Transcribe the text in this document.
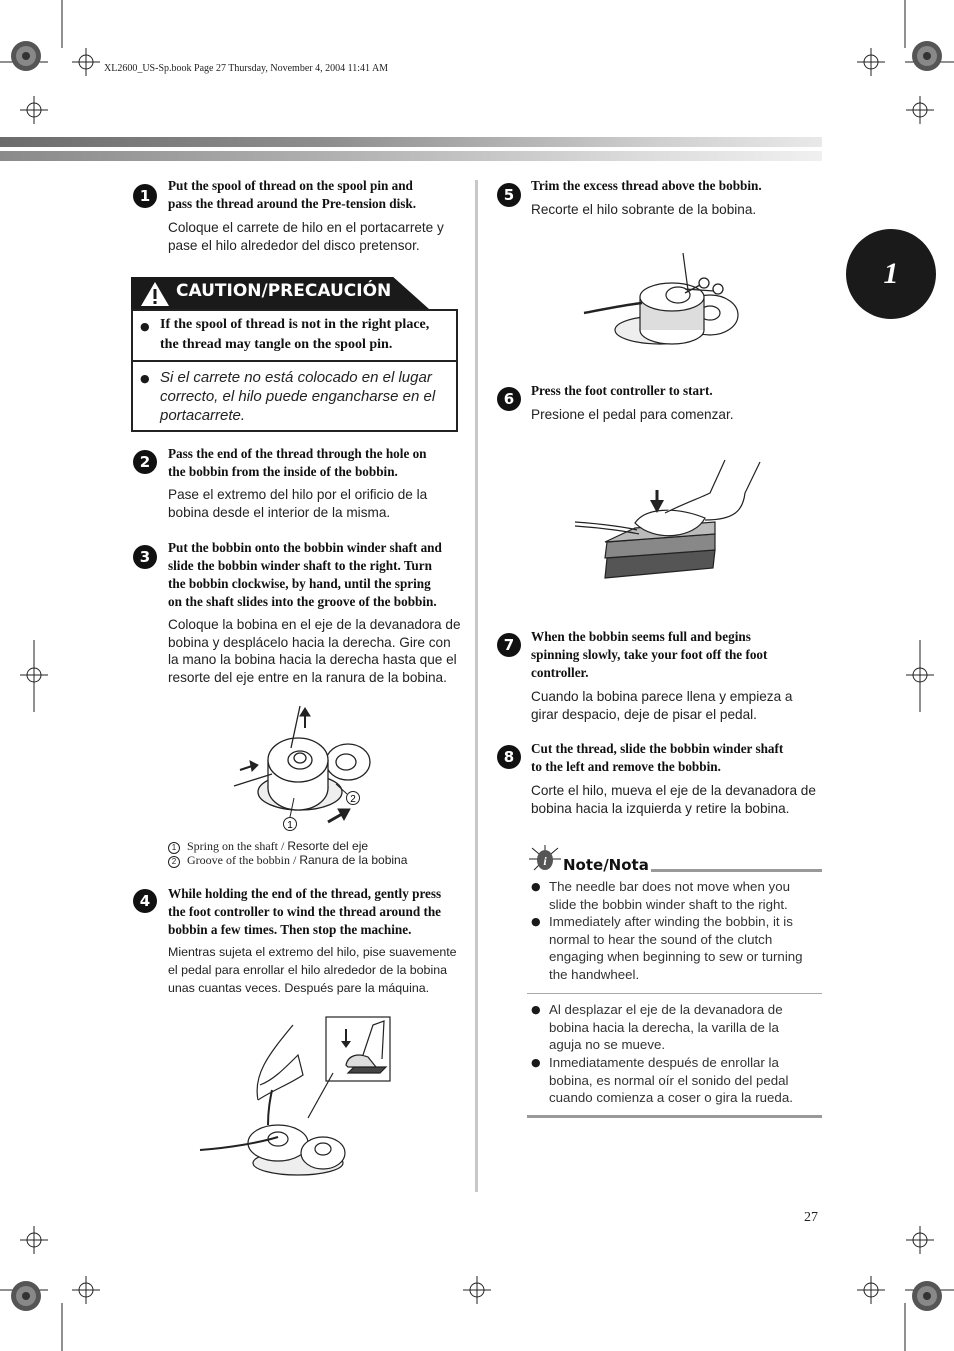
XL2600_US-Sp.book Page 27 Thursday, November 4, 2004 11:41 AM
1
1
Put the spool of thread on the spool pin and
pass the thread around the Pre-tension disk.
Coloque el carrete de hilo en el portacarrete y
pase el hilo alrededor del disco pretensor.
CAUTION/PRECAUCIÓN
● If the spool of thread is not in the right place,
the thread may tangle on the spool pin.
● Si el carrete no está colocado en el lugar
correcto, el hilo puede engancharse en el
portacarrete.
2	Pass the end of the thread through the hole on
the bobbin from the inside of the bobbin.
Pase el extremo del hilo por el orificio de la
bobina desde el interior de la misma.
3
Put the bobbin onto the bobbin winder shaft and
slide the bobbin winder shaft to the right. Turn
the bobbin clockwise, by hand, until the spring
on the shaft slides into the groove of the bobbin.
Coloque la bobina en el eje de la devanadora de
bobina y desplácelo hacia la derecha. Gire con
la mano la bobina hacia la derecha hasta que el
resorte del eje entre en la ranura de la bobina.
1
2
1 Spring on the shaft / Resorte del eje
2 Groove of the bobbin / Ranura de la bobina
4	While holding the end of the thread, gently press
the foot controller to wind the thread around the
bobbin a few times. Then stop the machine.
Mientras sujeta el extremo del hilo, pise suavemente
el pedal para enrollar el hilo alrededor de la bobina
unas cuantas veces. Después pare la máquina.
5
Trim the excess thread above the bobbin.
Recorte el hilo sobrante de la bobina.
6	Press the foot controller to start.
Presione el pedal para comenzar.
7	When the bobbin seems full and begins
spinning slowly, take your foot off the foot
controller.
Cuando la bobina parece llena y empieza a
girar despacio, deje de pisar el pedal.
8	Cut the thread, slide the bobbin winder shaft
to the left and remove the bobbin.
Corte el hilo, mueva el eje de la devanadora de
bobina hacia la izquierda y retire la bobina.
i Note/Nota
● The needle bar does not move when you
slide the bobbin winder shaft to the right.
● Immediately after winding the bobbin, it is
normal to hear the sound of the clutch
engaging when beginning to sew or turning
the handwheel.
● Al desplazar el eje de la devanadora de
bobina hacia la derecha, la varilla de la
aguja no se mueve.
● Inmediatamente después de enrollar la
bobina, es normal oír el sonido del pedal
cuando comienza a coser o gira la rueda.
27
